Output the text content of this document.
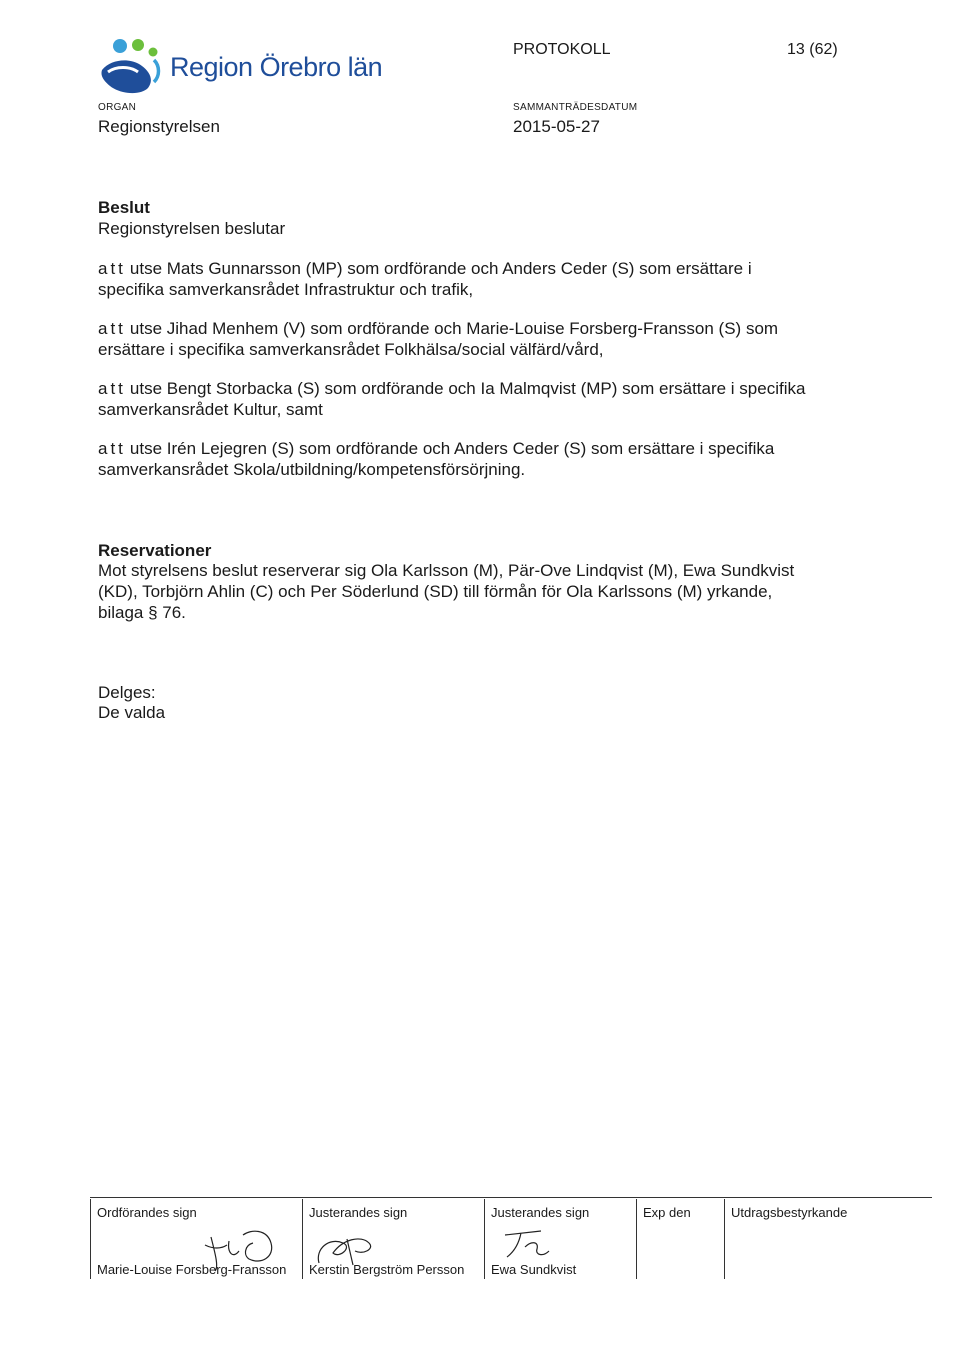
Region Örebro län
PROTOKOLL	13 (62)
ORGAN	SAMMANTRÄDESDATUM
Regionstyrelsen	2015-05-27
Beslut
Regionstyrelsen beslutar
att utse Mats Gunnarsson (MP) som ordförande och Anders Ceder (S) som ersättare i
specifika samverkansrådet Infrastruktur och trafik,
att utse Jihad Menhem (V) som ordförande och Marie-Louise Forsberg-Fransson (S) som
ersättare i specifika samverkansrådet Folkhälsa/social välfärd/vård,
att utse Bengt Storbacka (S) som ordförande och Ia Malmqvist (MP) som ersättare i specifika
samverkansrådet Kultur, samt
att utse Irén Lejegren (S) som ordförande och Anders Ceder (S) som ersättare i specifika
samverkansrådet Skola/utbildning/kompetensförsörjning.
Reservationer
Mot styrelsens beslut reserverar sig Ola Karlsson (M), Pär-Ove Lindqvist (M), Ewa Sundkvist
(KD), Torbjörn Ahlin (C) och Per Söderlund (SD) till förmån för Ola Karlssons (M) yrkande,
bilaga § 76.
Delges:
De valda
Ordförandes sign
Marie-Louise Forsberg-Fransson
Justerandes sign
Kerstin Bergström Persson
Justerandes sign
Ewa Sundkvist
Exp den	Utdragsbestyrkande
